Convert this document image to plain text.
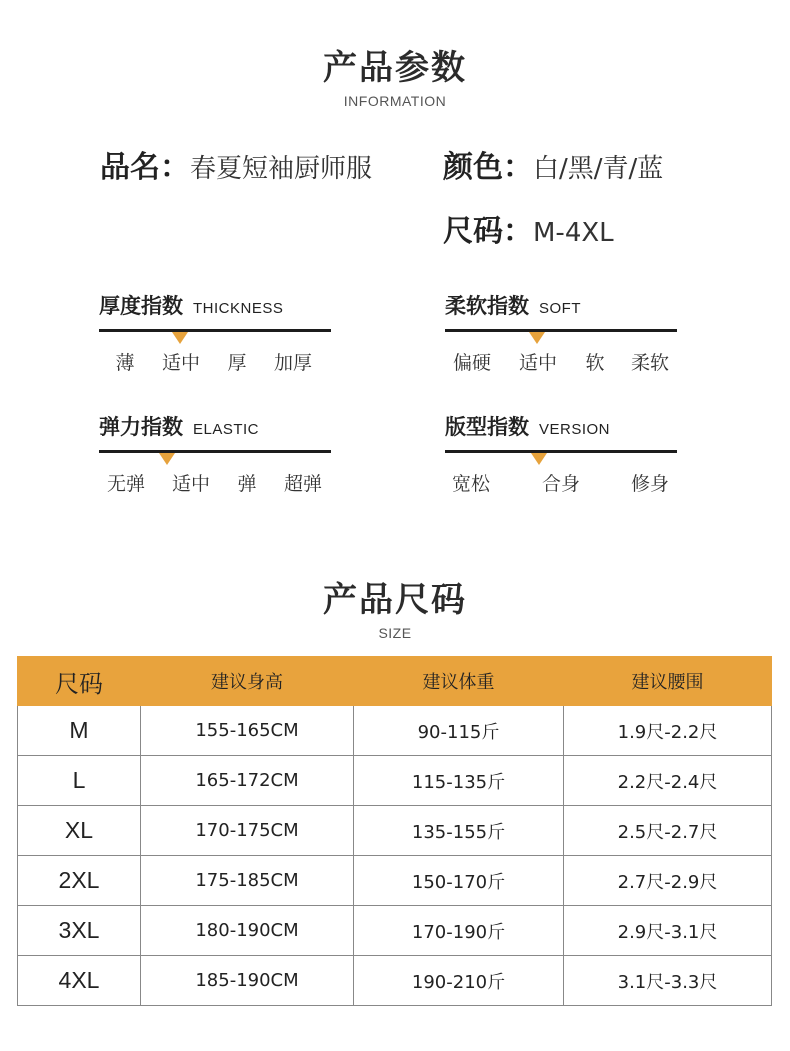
产品参数
INFORMATION
品名：春夏短袖厨师服 颜色：白/黑/青/蓝
尺码：M-4XL
厚度指数 THICKNESS
薄 适中 厚 加厚
柔软指数 SOFT
偏硬 适中 软 柔软
弹力指数 ELASTIC
无弹 适中 弹 超弹
版型指数 VERSION
宽松	合身	修身
产品尺码
SIZE
尺码	建议身高	建议体重	建议腰围
M	155-165CM	90-115斤	1.9尺-2.2尺
L	165-172CM	115-135斤	2.2尺-2.4尺
XL	170-175CM	135-155斤	2.5尺-2.7尺
2XL	175-185CM	150-170斤	2.7尺-2.9尺
3XL	180-190CM	170-190斤	2.9尺-3.1尺
4XL	185-190CM	190-210斤	3.1尺-3.3尺
